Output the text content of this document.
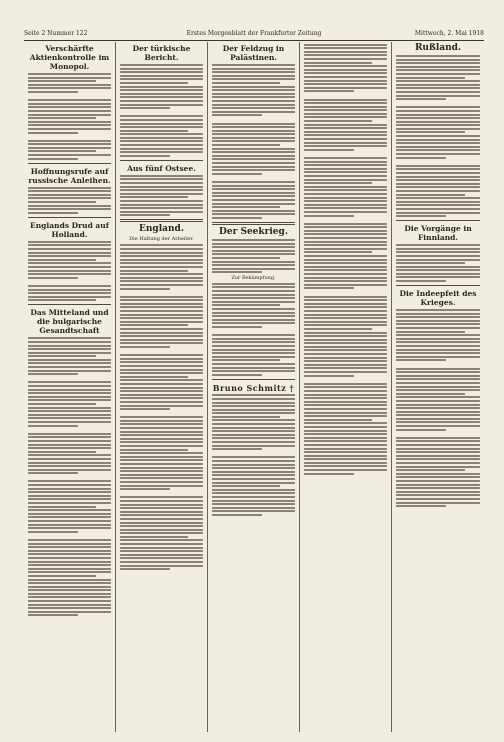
Seite 2 Nummer 122	Erstes Morgenblatt der Frankfurter Zeitung	Mittwoch, 2. Mai 1918
Verschärfte Aktienkontrolle im Monopol.
Hoffnungsrufe auf russische Anleihen.
Englands Drud auf Holland.
Das Mitteland und die bulgarische Gesandtschaft
Der türkische Bericht.
Aus fünf Ostsee.
England.
Die Haltung der Arbeiter.
Der Feldzug in Palästinen.
Der Seekrieg.
Zur Bekämpfung.
Bruno Schmitz †
Rußland.
Die Vorgänge in Finnland.
Die Indeepfeit des Krieges.
